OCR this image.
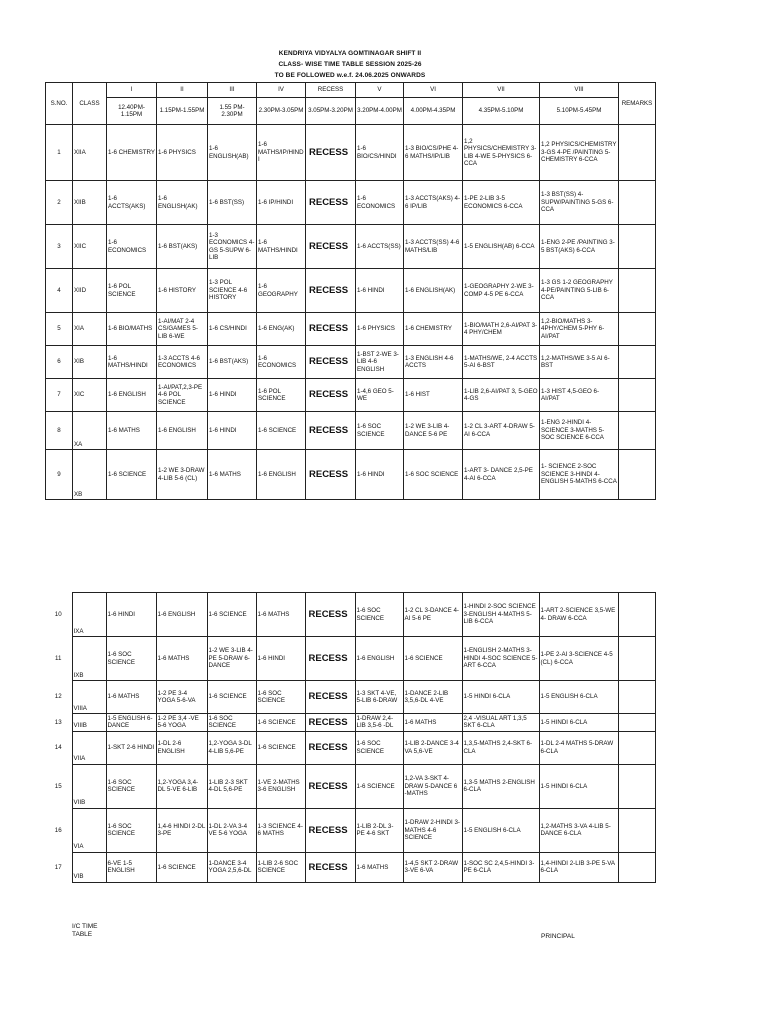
KENDRIYA VIDYALYA GOMTINAGAR SHIFT II
CLASS- WISE TIME TABLE SESSION 2025-26
TO BE FOLLOWED w.e.f. 24.06.2025 ONWARDS
S.NO.	CLASS	I	II	III	IV	RECESS	V	VI	VII	VIII	REMARKS
		12.40PM-1.15PM	1.15PM-1.55PM	1.55 PM-2.30PM	2.30PM-3.05PM	3.05PM-3.20PM	3.20PM-4.00PM	4.00PM-4.35PM	4.35PM-5.10PM	5.10PM-5.45PM	
1	XIIA	1-6 CHEMISTRY	1-6 PHYSICS	1-6 ENGLISH(AB)	1-6 MATHS/IP/HINDI	RECESS	1-6 BIO/CS/HINDI	1-3 BIO/CS/PHE 4-6 MATHS/IP/LIB	1,2 PHYSICS/CHEMISTRY 3-LIB 4-WE 5-PHYSICS 6-CCA	1,2 PHYSICS/CHEMISTRY 3-GS 4-PE /PAINTING 5-CHEMISTRY 6-CCA	
2	XIIB	1-6 ACCTS(AKS)	1-6 ENGLISH(AK)	1-6 BST(SS)	1-6 IP/HINDI	RECESS	1-6 ECONOMICS	1-3 ACCTS(AKS) 4-6 IP/LIB	1-PE 2-LIB 3-5 ECONOMICS 6-CCA	1-3 BST(SS) 4-SUPW/PAINTING 5-GS 6-CCA	
3	XIIC	1-6 ECONOMICS	1-6 BST(AKS)	1-3 ECONOMICS 4-GS 5-SUPW 6-LIB	1-6 MATHS/HINDI	RECESS	1-6 ACCTS(SS)	1-3 ACCTS(SS) 4-6 MATHS/LIB	1-5 ENGLISH(AB) 6-CCA	1-ENG 2-PE /PAINTING 3-5 BST(AKS) 6-CCA	
4	XIID	1-6 POL SCIENCE	1-6 HISTORY	1-3 POL SCIENCE 4-6 HISTORY	1-6 GEOGRAPHY	RECESS	1-6 HINDI	1-6 ENGLISH(AK)	1-GEOGRAPHY 2-WE 3-COMP 4-5 PE 6-CCA	1-3 GS 1-2 GEOGRAPHY 4-PE/PAINTING 5-LIB 6-CCA	
5	XIA	1-6 BIO/MATHS	1-AI/MAT 2-4 CS/GAMES 5-LIB 6-WE	1-6 CS/HINDI	1-6 ENG(AK)	RECESS	1-6 PHYSICS	1-6 CHEMISTRY	1-BIO/MATH 2,6-AI/PAT 3-4 PHY/CHEM	1,2-BIO/MATHS 3-4PHY/CHEM 5-PHY 6-AI/PAT	
6	XIB	1-6 MATHS/HINDI	1-3 ACCTS 4-6 ECONOMICS	1-6 BST(AKS)	1-6 ECONOMICS	RECESS	1-BST 2-WE 3-LIB 4-6 ENGLISH	1-3 ENGLISH 4-6 ACCTS	1-MATHS/WE, 2-4 ACCTS 5-AI 6-BST	1,2-MATHS/WE 3-5 AI 6-BST	
7	XIC	1-6 ENGLISH	1-AI/PAT,2,3-PE 4-6 POL SCIENCE	1-6 HINDI	1-6 POL SCIENCE	RECESS	1-4,6 GEO 5-WE	1-6 HIST	1-LIB 2,6-AI/PAT 3, 5-GEO 4-GS	1-3 HIST 4,5-GEO 6-AI/PAT	
8	XA	1-6 MATHS	1-6 ENGLISH	1-6 HINDI	1-6 SCIENCE	RECESS	1-6 SOC SCIENCE	1-2 WE 3-LIB 4-DANCE 5-6 PE	1-2 CL 3-ART 4-DRAW 5-AI 6-CCA	1-ENG 2-HINDI 4-SCIENCE 3-MATHS 5-SOC SCIENCE 6-CCA	
9	XB	1-6 SCIENCE	1-2 WE 3-DRAW 4-LIB 5-6 (CL)	1-6 MATHS	1-6 ENGLISH	RECESS	1-6 HINDI	1-6 SOC SCIENCE	1-ART 3- DANCE 2,5-PE 4-AI 6-CCA	1- SCIENCE 2-SOC SCIENCE 3-HINDI 4-ENGLISH 5-MATHS 6-CCA	
10	IXA	1-6 HINDI	1-6 ENGLISH	1-6 SCIENCE	1-6 MATHS	RECESS	1-6 SOC SCIENCE	1-2 CL 3-DANCE 4-AI 5-6 PE	1-HINDI 2-SOC SCIENCE 3-ENGLISH 4-MATHS 5-LIB 6-CCA	1-ART 2-SCIENCE 3,5-WE 4- DRAW 6-CCA	
11	IXB	1-6 SOC SCIENCE	1-6 MATHS	1-2 WE 3-LIB 4- PE 5-DRAW 6-DANCE	1-6 HINDI	RECESS	1-6 ENGLISH	1-6 SCIENCE	1-ENGLISH 2-MATHS 3-HINDI 4-SOC SCIENCE 5-ART 6-CCA	1-PE 2-AI 3-SCIENCE 4-5 (CL) 6-CCA	
12	VIIIA	1-6 MATHS	1-2 PE 3-4 YOGA 5-6-VA	1-6 SCIENCE	1-6 SOC SCIENCE	RECESS	1-3 SKT 4-VE, 5-LIB 6-DRAW	1-DANCE 2-LIB 3,5,6-DL 4-VE	1-5 HINDI 6-CLA	1-5 ENGLISH 6-CLA	
13	VIIIB	1-5 ENGLISH 6-DANCE	1-2 PE 3,4 -VE 5-6 YOGA	1-6 SOC SCIENCE	1-6 SCIENCE	RECESS	1-DRAW 2,4-LIB 3,5-6 -DL	1-6 MATHS	2,4 -VISUAL ART 1,3,5 SKT 6-CLA	1-5 HINDI 6-CLA	
14	VIIA	1-SKT 2-6 HINDI	1-DL 2-6 ENGLISH	1,2-YOGA 3-DL 4-LIB 5,6-PE	1-6 SCIENCE	RECESS	1-6 SOC SCIENCE	1-LIB 2-DANCE 3-4 VA 5,6-VE	1,3,5-MATHS 2,4-SKT 6-CLA	1-DL 2-4 MATHS 5-DRAW 6-CLA	
15	VIIB	1-6 SOC SCIENCE	1,2-YOGA 3,4-DL 5-VE 6-LIB	1-LIB 2-3 SKT 4-DL 5,6-PE	1-VE 2-MATHS 3-6 ENGLISH	RECESS	1-6 SCIENCE	1,2-VA 3-SKT 4-DRAW 5-DANCE 6 -MATHS	1,3-5 MATHS 2-ENGLISH 6-CLA	1-5 HINDI 6-CLA	
16	VIA	1-6 SOC SCIENCE	1,4-6 HINDI 2-DL 3-PE	1-DL 2-VA 3-4 VE 5-6 YOGA	1-3 SCIENCE 4-6 MATHS	RECESS	1-LIB 2-DL 3-PE 4-6 SKT	1-DRAW 2-HINDI 3-MATHS 4-6 SCIENCE	1-5 ENGLISH 6-CLA	1,2-MATHS 3-VA 4-LIB 5-DANCE 6-CLA	
17	VIB	6-VE 1-5 ENGLISH	1-6 SCIENCE	1-DANCE 3-4 YOGA 2,5,6-DL	1-LIB 2-6 SOC SCIENCE	RECESS	1-6 MATHS	1-4,5 SKT 2-DRAW 3-VE 6-VA	1-SOC SC 2,4,5-HINDI 3-PE 6-CLA	1,4-HINDI 2-LIB 3-PE 5-VA 6-CLA	
I/C TIME
TABLE	PRINCIPAL
